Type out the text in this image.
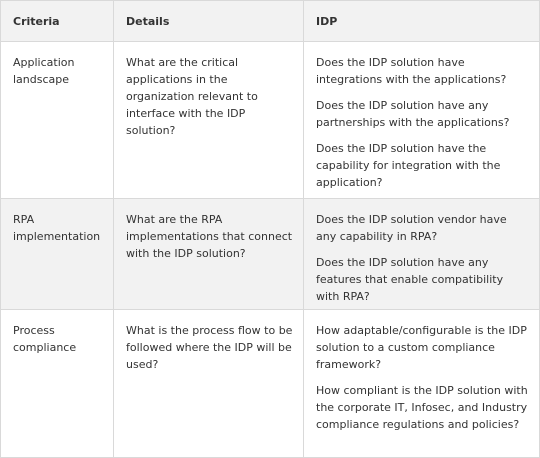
Criteria	Details	IDP
Application landscape	What are the critical applications in the organization relevant to interface with the IDP solution?	Does the IDP solution have integrations with the applications?

Does the IDP solution have any partnerships with the applications?

Does the IDP solution have the capability for integration with the application?

RPA implementation	What are the RPA implementations that connect with the IDP solution?	Does the IDP solution vendor have any capability in RPA?

Does the IDP solution have any features that enable compatibility with RPA?

Process compliance	What is the process flow to be followed where the IDP will be used?	How adaptable/configurable is the IDP solution to a custom compliance framework?

How compliant is the IDP solution with the corporate IT, Infosec, and Industry compliance regulations and policies?
